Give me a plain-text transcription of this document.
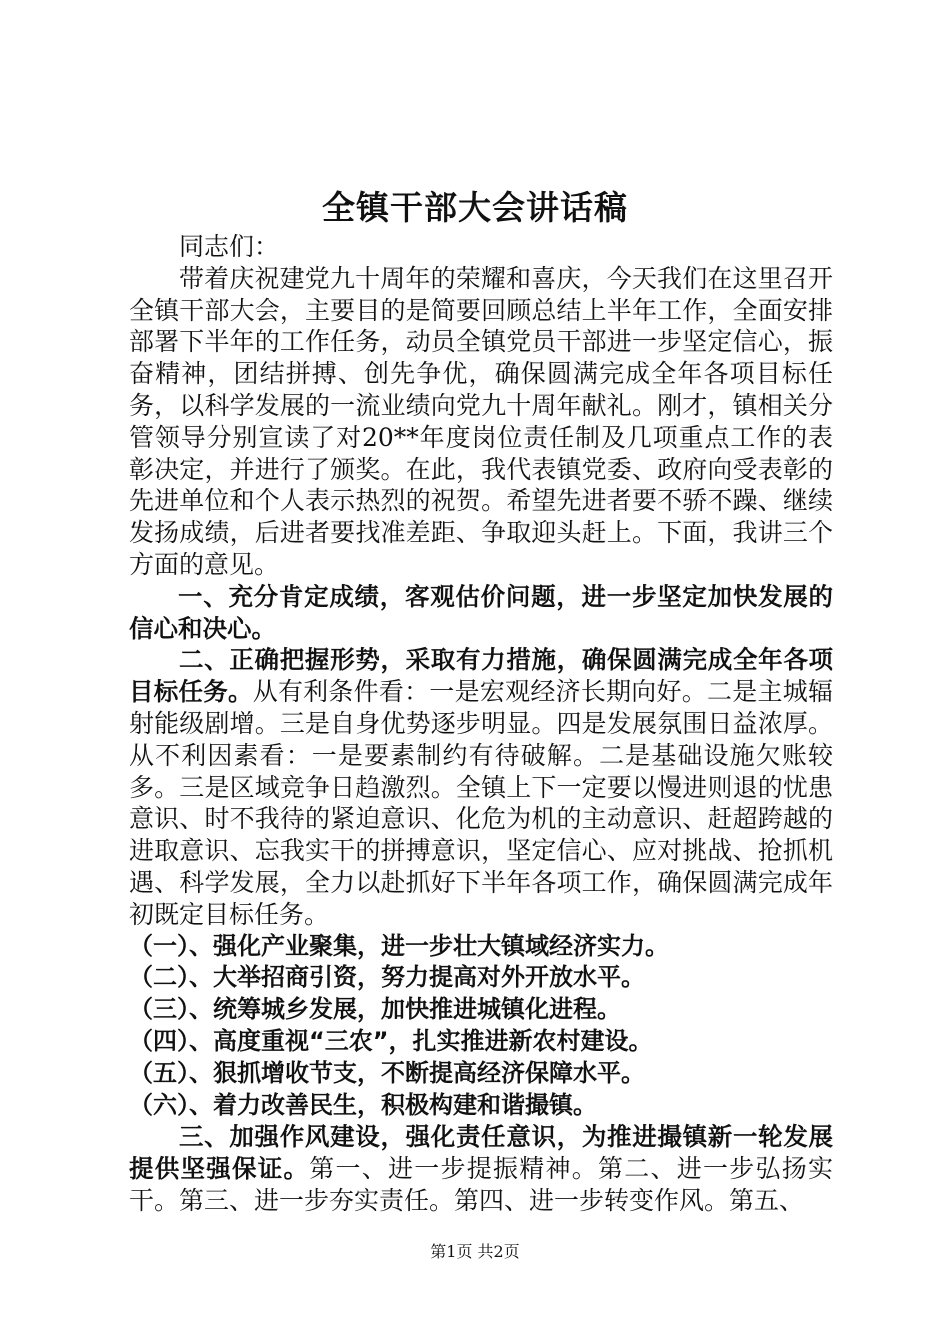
全镇干部大会讲话稿

同志们：

带着庆祝建党九十周年的荣耀和喜庆，今天我们在这里召开全镇干部大会，主要目的是简要回顾总结上半年工作，全面安排部署下半年的工作任务，动员全镇党员干部进一步坚定信心，振奋精神，团结拼搏、创先争优，确保圆满完成全年各项目标任务，以科学发展的一流业绩向党九十周年献礼。刚才，镇相关分管领导分别宣读了对20**年度岗位责任制及几项重点工作的表彰决定，并进行了颁奖。在此，我代表镇党委、政府向受表彰的先进单位和个人表示热烈的祝贺。希望先进者要不骄不躁、继续发扬成绩，后进者要找准差距、争取迎头赶上。下面，我讲三个方面的意见。

一、充分肯定成绩，客观估价问题，进一步坚定加快发展的信心和决心。

二、正确把握形势，采取有力措施，确保圆满完成全年各项目标任务。从有利条件看：一是宏观经济长期向好。二是主城辐射能级剧增。三是自身优势逐步明显。四是发展氛围日益浓厚。从不利因素看：一是要素制约有待破解。二是基础设施欠账较多。三是区域竞争日趋激烈。全镇上下一定要以慢进则退的忧患意识、时不我待的紧迫意识、化危为机的主动意识、赶超跨越的进取意识、忘我实干的拼搏意识，坚定信心、应对挑战、抢抓机遇、科学发展，全力以赴抓好下半年各项工作，确保圆满完成年初既定目标任务。

（一）、强化产业聚集，进一步壮大镇域经济实力。

（二）、大举招商引资，努力提高对外开放水平。

（三）、统筹城乡发展，加快推进城镇化进程。

（四）、高度重视“三农”，扎实推进新农村建设。

（五）、狠抓增收节支，不断提高经济保障水平。

（六）、着力改善民生，积极构建和谐撮镇。

三、加强作风建设，强化责任意识，为推进撮镇新一轮发展提供坚强保证。第一、进一步提振精神。第二、进一步弘扬实干。第三、进一步夯实责任。第四、进一步转变作风。第五、

第1页 共2页
